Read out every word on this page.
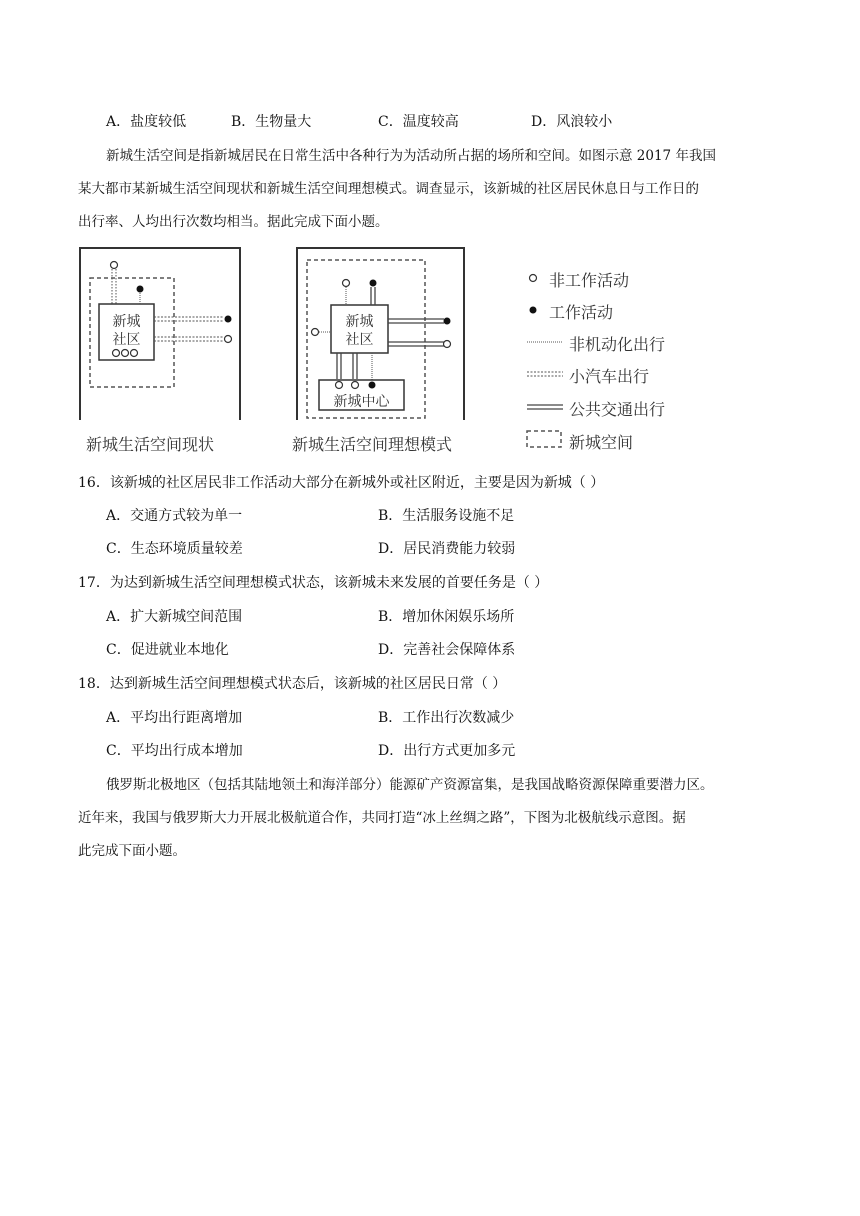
A．盐度较低	B．生物量大	C．温度较高	D．风浪较小
新城生活空间是指新城居民在日常生活中各种行为为活动所占据的场所和空间。如图示意 2017 年我国
某大都市某新城生活空间现状和新城生活空间理想模式。调查显示，该新城的社区居民休息日与工作日的
出行率、人均出行次数均相当。据此完成下面小题。
新城
社区
新城
社区
新城中心
非工作活动
工作活动
非机动化出行
小汽车出行
公共交通出行
新城空间
新城生活空间现状	新城生活空间理想模式
16．该新城的社区居民非工作活动大部分在新城外或社区附近，主要是因为新城（ ）
A．交通方式较为单一	B．生活服务设施不足
C．生态环境质量较差	D．居民消费能力较弱
17．为达到新城生活空间理想模式状态，该新城未来发展的首要任务是（ ）
A．扩大新城空间范围	B．增加休闲娱乐场所
C．促进就业本地化	D．完善社会保障体系
18．达到新城生活空间理想模式状态后，该新城的社区居民日常（ ）
A．平均出行距离增加	B．工作出行次数减少
C．平均出行成本增加	D．出行方式更加多元
俄罗斯北极地区（包括其陆地领土和海洋部分）能源矿产资源富集，是我国战略资源保障重要潜力区。
近年来，我国与俄罗斯大力开展北极航道合作，共同打造“冰上丝绸之路”，下图为北极航线示意图。据
此完成下面小题。
